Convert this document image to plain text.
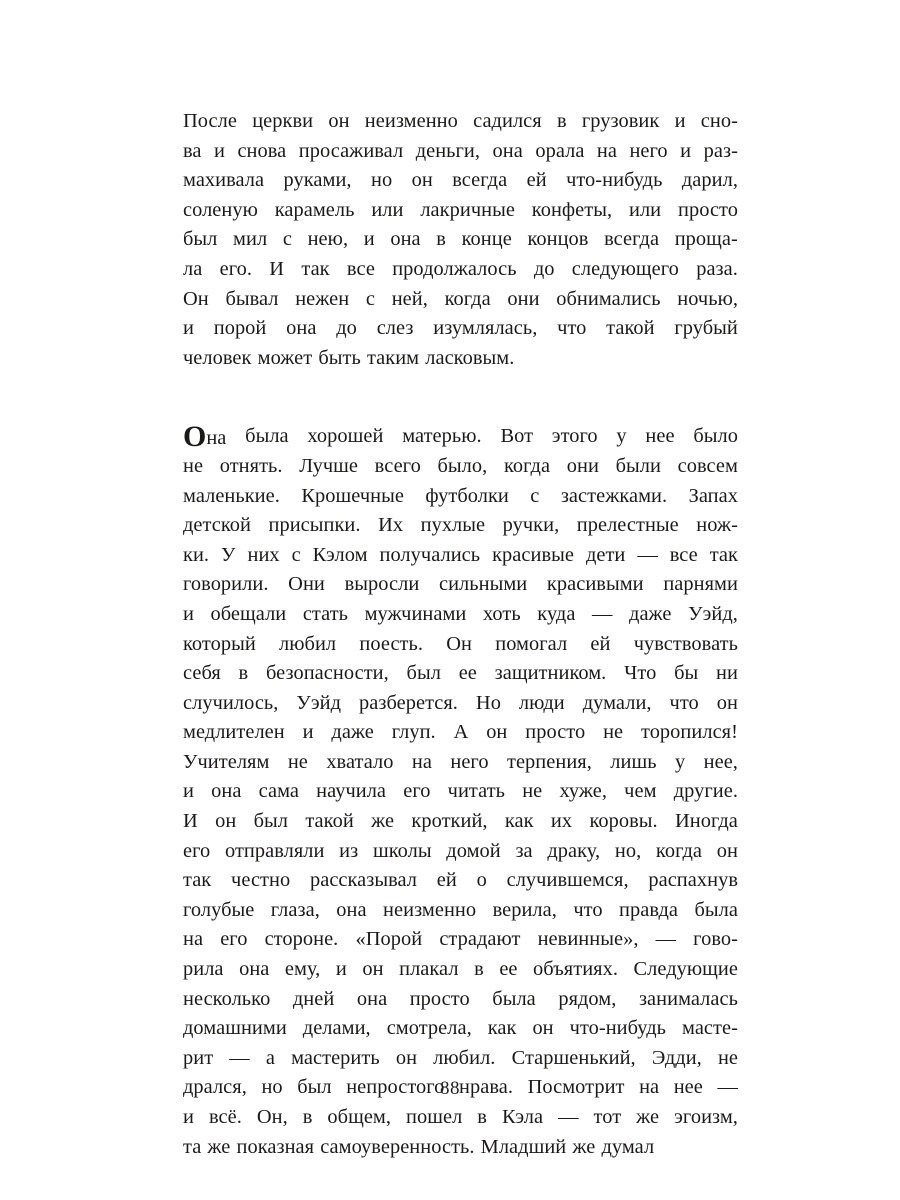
После церкви он неизменно садился в грузовик и сно-
ва и снова просаживал деньги, она орала на него и раз-
махивала руками, но он всегда ей что-нибудь дарил,
соленую карамель или лакричные конфеты, или просто
был мил с нею, и она в конце концов всегда проща-
ла его. И так все продолжалось до следующего раза.
Он бывал нежен с ней, когда они обнимались ночью,
и порой она до слез изумлялась, что такой грубый
человек может быть таким ласковым.

Она была хорошей матерью. Вот этого у нее было
не отнять. Лучше всего было, когда они были совсем
маленькие. Крошечные футболки с застежками. Запах
детской присыпки. Их пухлые ручки, прелестные нож-
ки. У них с Кэлом получались красивые дети — все так
говорили. Они выросли сильными красивыми парнями
и обещали стать мужчинами хоть куда — даже Уэйд,
который любил поесть. Он помогал ей чувствовать
себя в безопасности, был ее защитником. Что бы ни
случилось, Уэйд разберется. Но люди думали, что он
медлителен и даже глуп. А он просто не торопился!
Учителям не хватало на него терпения, лишь у нее,
и она сама научила его читать не хуже, чем другие.
И он был такой же кроткий, как их коровы. Иногда
его отправляли из школы домой за драку, но, когда он
так честно рассказывал ей о случившемся, распахнув
голубые глаза, она неизменно верила, что правда была
на его стороне. «Порой страдают невинные», — гово-
рила она ему, и он плакал в ее объятиях. Следующие
несколько дней она просто была рядом, занималась
домашними делами, смотрела, как он что-нибудь масте-
рит — а мастерить он любил. Старшенький, Эдди, не
дрался, но был непростого нрава. Посмотрит на нее —
и всё. Он, в общем, пошел в Кэла — тот же эгоизм,
та же показная самоуверенность. Младший же думал

88
